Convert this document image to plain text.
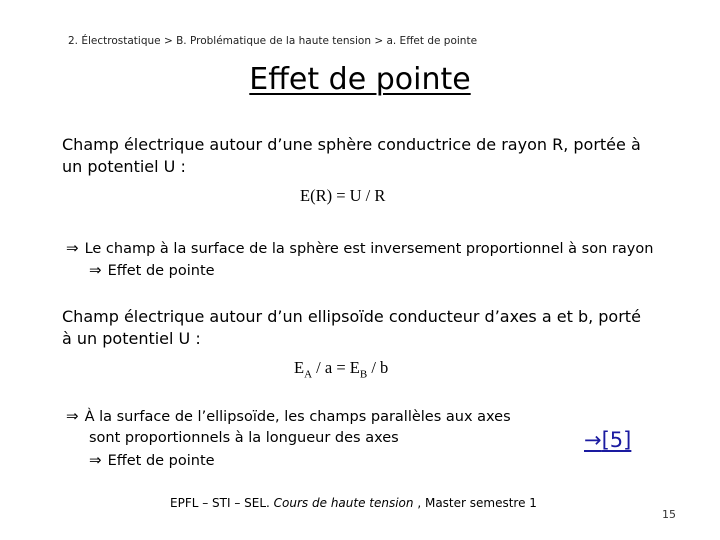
2. Électrostatique > B. Problématique de la haute tension > a. Effet de pointe
Effet de pointe
Champ électrique autour d’une sphère conductrice de rayon R, portée à
un potentiel U :
E(R) = U / R
⇒ Le champ à la surface de la sphère est inversement proportionnel à son rayon
⇒ Effet de pointe
Champ électrique autour d’un ellipsoïde conducteur d’axes a et b, porté
à un potentiel U :
$E_A / a = E_B / b$
⇒ À la surface de l’ellipsoïde, les champs parallèles aux axes
sont proportionnels à la longueur des axes
⇒ Effet de pointe
→[5]
EPFL – STI – SEL. Cours de haute tension , Master semestre 1
15
